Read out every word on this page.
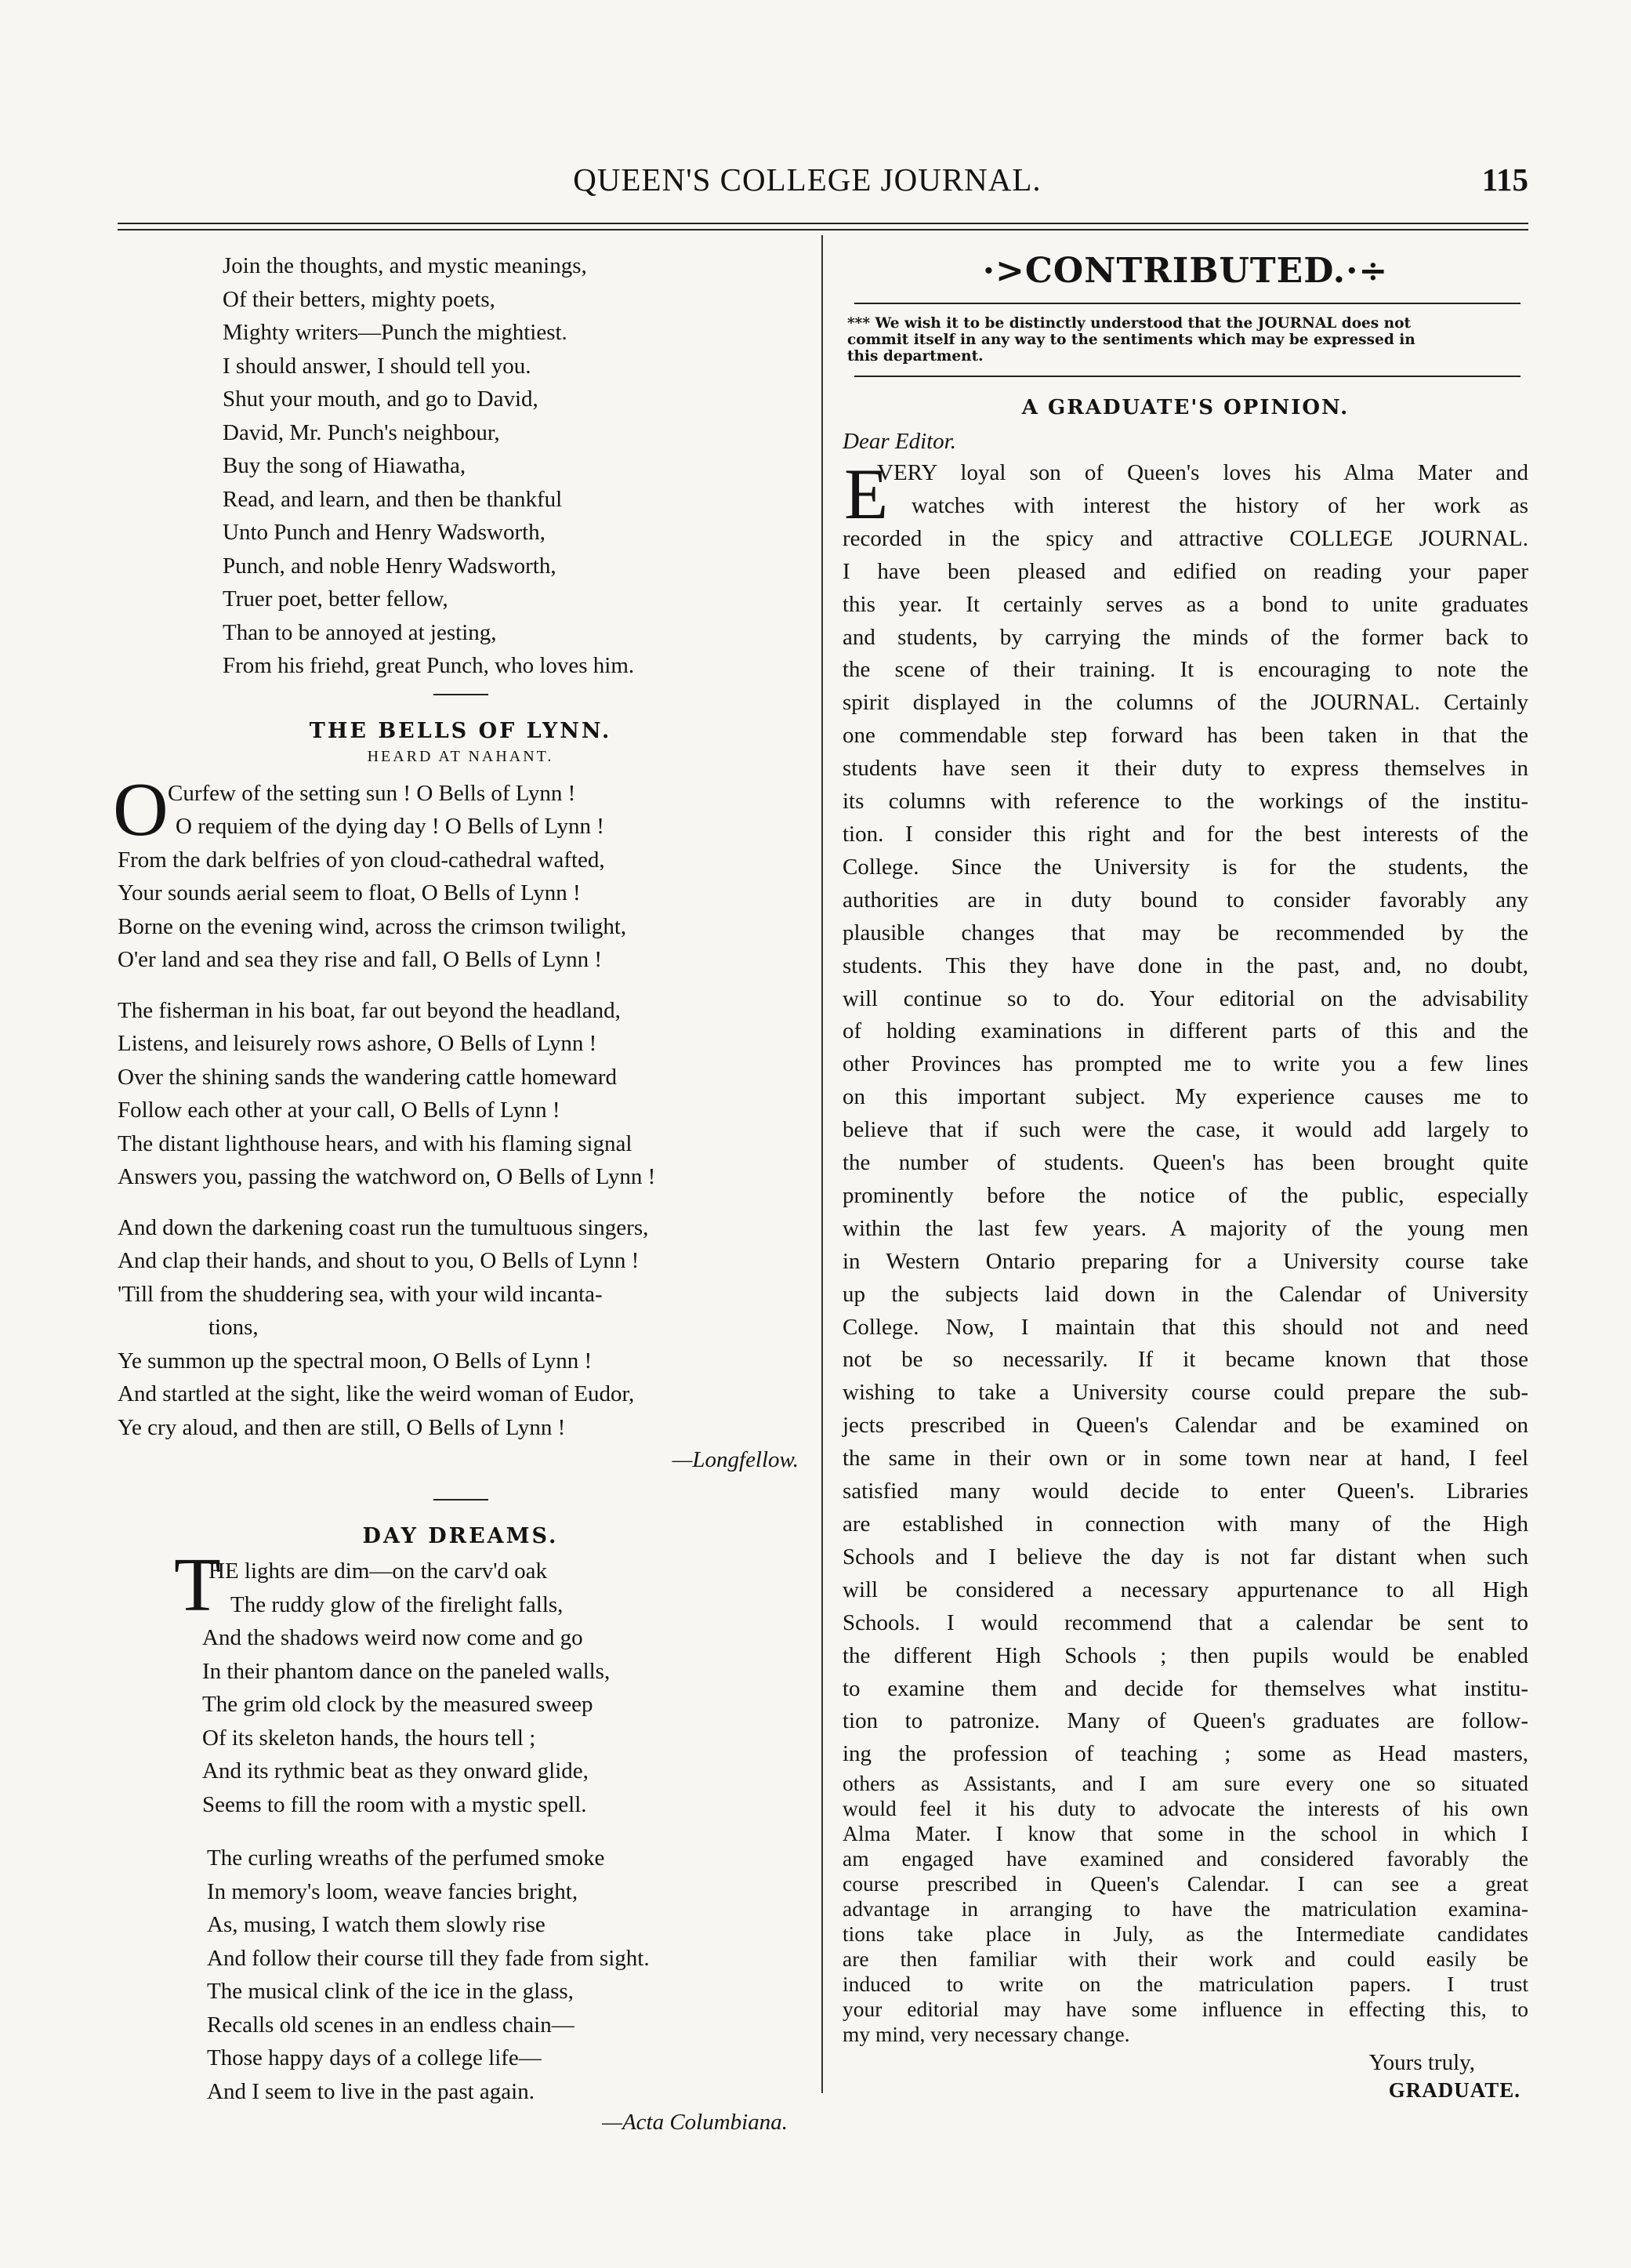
QUEEN'S COLLEGE JOURNAL.	115
Join the thoughts, and mystic meanings,
Of their betters, mighty poets,
Mighty writers—Punch the mightiest.
I should answer, I should tell you.
Shut your mouth, and go to David,
David, Mr. Punch's neighbour,
Buy the song of Hiawatha,
Read, and learn, and then be thankful
Unto Punch and Henry Wadsworth,
Punch, and noble Henry Wadsworth,
Truer poet, better fellow,
Than to be annoyed at jesting,
From his friehd, great Punch, who loves him.
THE BELLS OF LYNN.
HEARD AT NAHANT.
O Curfew of the setting sun ! O Bells of Lynn !
O requiem of the dying day ! O Bells of Lynn !
From the dark belfries of yon cloud-cathedral wafted,
Your sounds aerial seem to float, O Bells of Lynn !
Borne on the evening wind, across the crimson twilight,
O'er land and sea they rise and fall, O Bells of Lynn !
The fisherman in his boat, far out beyond the headland,
Listens, and leisurely rows ashore, O Bells of Lynn !
Over the shining sands the wandering cattle homeward
Follow each other at your call, O Bells of Lynn !
The distant lighthouse hears, and with his flaming signal
Answers you, passing the watchword on, O Bells of Lynn !
And down the darkening coast run the tumultuous singers,
And clap their hands, and shout to you, O Bells of Lynn !
'Till from the shuddering sea, with your wild incanta-
tions,
Ye summon up the spectral moon, O Bells of Lynn !
And startled at the sight, like the weird woman of Eudor,
Ye cry aloud, and then are still, O Bells of Lynn !
—Longfellow.
DAY DREAMS.
T
HE lights are dim—on the carv'd oak
The ruddy glow of the firelight falls,
And the shadows weird now come and go
In their phantom dance on the paneled walls,
The grim old clock by the measured sweep
Of its skeleton hands, the hours tell ;
And its rythmic beat as they onward glide,
Seems to fill the room with a mystic spell.
The curling wreaths of the perfumed smoke
In memory's loom, weave fancies bright,
As, musing, I watch them slowly rise
And follow their course till they fade from sight.
The musical clink of the ice in the glass,
Recalls old scenes in an endless chain—
Those happy days of a college life—
And I seem to live in the past again.
—Acta Columbiana.
·>CONTRIBUTED.·÷
*** We wish it to be distinctly understood that the JOURNAL does not
commit itself in any way to the sentiments which may be expressed in
this department.
A GRADUATE'S OPINION.
Dear Editor.
E
VERY loyal son of Queen's loves his Alma Mater and
watches with interest the history of her work as
recorded in the spicy and attractive COLLEGE JOURNAL.
I have been pleased and edified on reading your paper
this year. It certainly serves as a bond to unite graduates
and students, by carrying the minds of the former back to
the scene of their training. It is encouraging to note the
spirit displayed in the columns of the JOURNAL. Certainly
one commendable step forward has been taken in that the
students have seen it their duty to express themselves in
its columns with reference to the workings of the institu-
tion. I consider this right and for the best interests of the
College. Since the University is for the students, the
authorities are in duty bound to consider favorably any
plausible changes that may be recommended by the
students. This they have done in the past, and, no doubt,
will continue so to do. Your editorial on the advisability
of holding examinations in different parts of this and the
other Provinces has prompted me to write you a few lines
on this important subject. My experience causes me to
believe that if such were the case, it would add largely to
the number of students. Queen's has been brought quite
prominently before the notice of the public, especially
within the last few years. A majority of the young men
in Western Ontario preparing for a University course take
up the subjects laid down in the Calendar of University
College. Now, I maintain that this should not and need
not be so necessarily. If it became known that those
wishing to take a University course could prepare the sub-
jects prescribed in Queen's Calendar and be examined on
the same in their own or in some town near at hand, I feel
satisfied many would decide to enter Queen's. Libraries
are established in connection with many of the High
Schools and I believe the day is not far distant when such
will be considered a necessary appurtenance to all High
Schools. I would recommend that a calendar be sent to
the different High Schools ; then pupils would be enabled
to examine them and decide for themselves what institu-
tion to patronize. Many of Queen's graduates are follow-
ing the profession of teaching ; some as Head masters,
others as Assistants, and I am sure every one so situated
would feel it his duty to advocate the interests of his own
Alma Mater. I know that some in the school in which I
am engaged have examined and considered favorably the
course prescribed in Queen's Calendar. I can see a great
advantage in arranging to have the matriculation examina-
tions take place in July, as the Intermediate candidates
are then familiar with their work and could easily be
induced to write on the matriculation papers. I trust
your editorial may have some influence in effecting this, to
my mind, very necessary change.
Yours truly,
GRADUATE.
